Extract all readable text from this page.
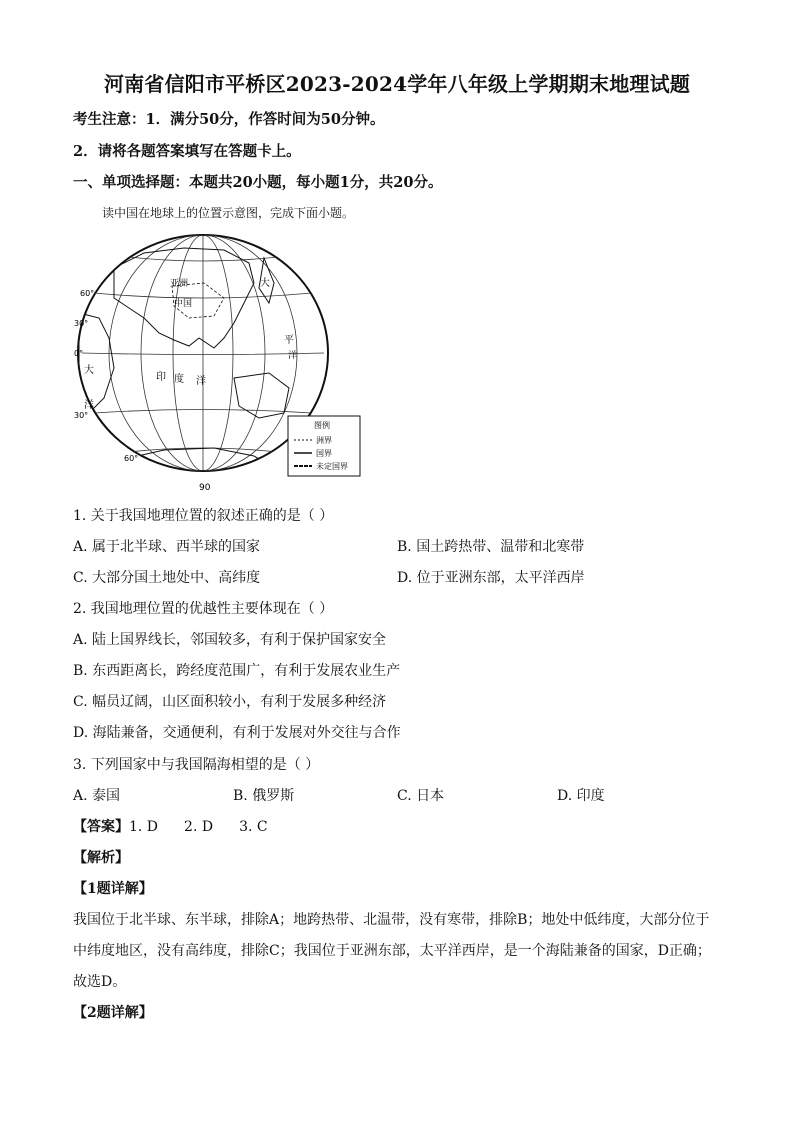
河南省信阳市平桥区2023-2024学年八年级上学期期末地理试题
考生注意：1．满分50分，作答时间为50分钟。
2．请将各题答案填写在答题卡上。
一、单项选择题：本题共20小题，每小题1分，共20分。
读中国在地球上的位置示意图，完成下面小题。
亚洲
中国
大
平
洋
印 度 洋
大
洋
90
60°
30°
0°
30°
60°
图例
洲界
国界
未定国界
1. 关于我国地理位置的叙述正确的是（ ）
A. 属于北半球、西半球的国家	B. 国土跨热带、温带和北寒带
C. 大部分国土地处中、高纬度	D. 位于亚洲东部，太平洋西岸
2. 我国地理位置的优越性主要体现在（ ）
A. 陆上国界线长，邻国较多，有利于保护国家安全
B. 东西距离长，跨经度范围广，有利于发展农业生产
C. 幅员辽阔，山区面积较小，有利于发展多种经济
D. 海陆兼备，交通便利，有利于发展对外交往与合作
3. 下列国家中与我国隔海相望的是（ ）
A. 泰国	B. 俄罗斯	C. 日本	D. 印度
【答案】1. D 2. D 3. C
【解析】
【1题详解】
我国位于北半球、东半球，排除A；地跨热带、北温带，没有寒带，排除B；地处中低纬度，大部分位于
中纬度地区，没有高纬度，排除C；我国位于亚洲东部，太平洋西岸，是一个海陆兼备的国家，D正确；
故选D。
【2题详解】
